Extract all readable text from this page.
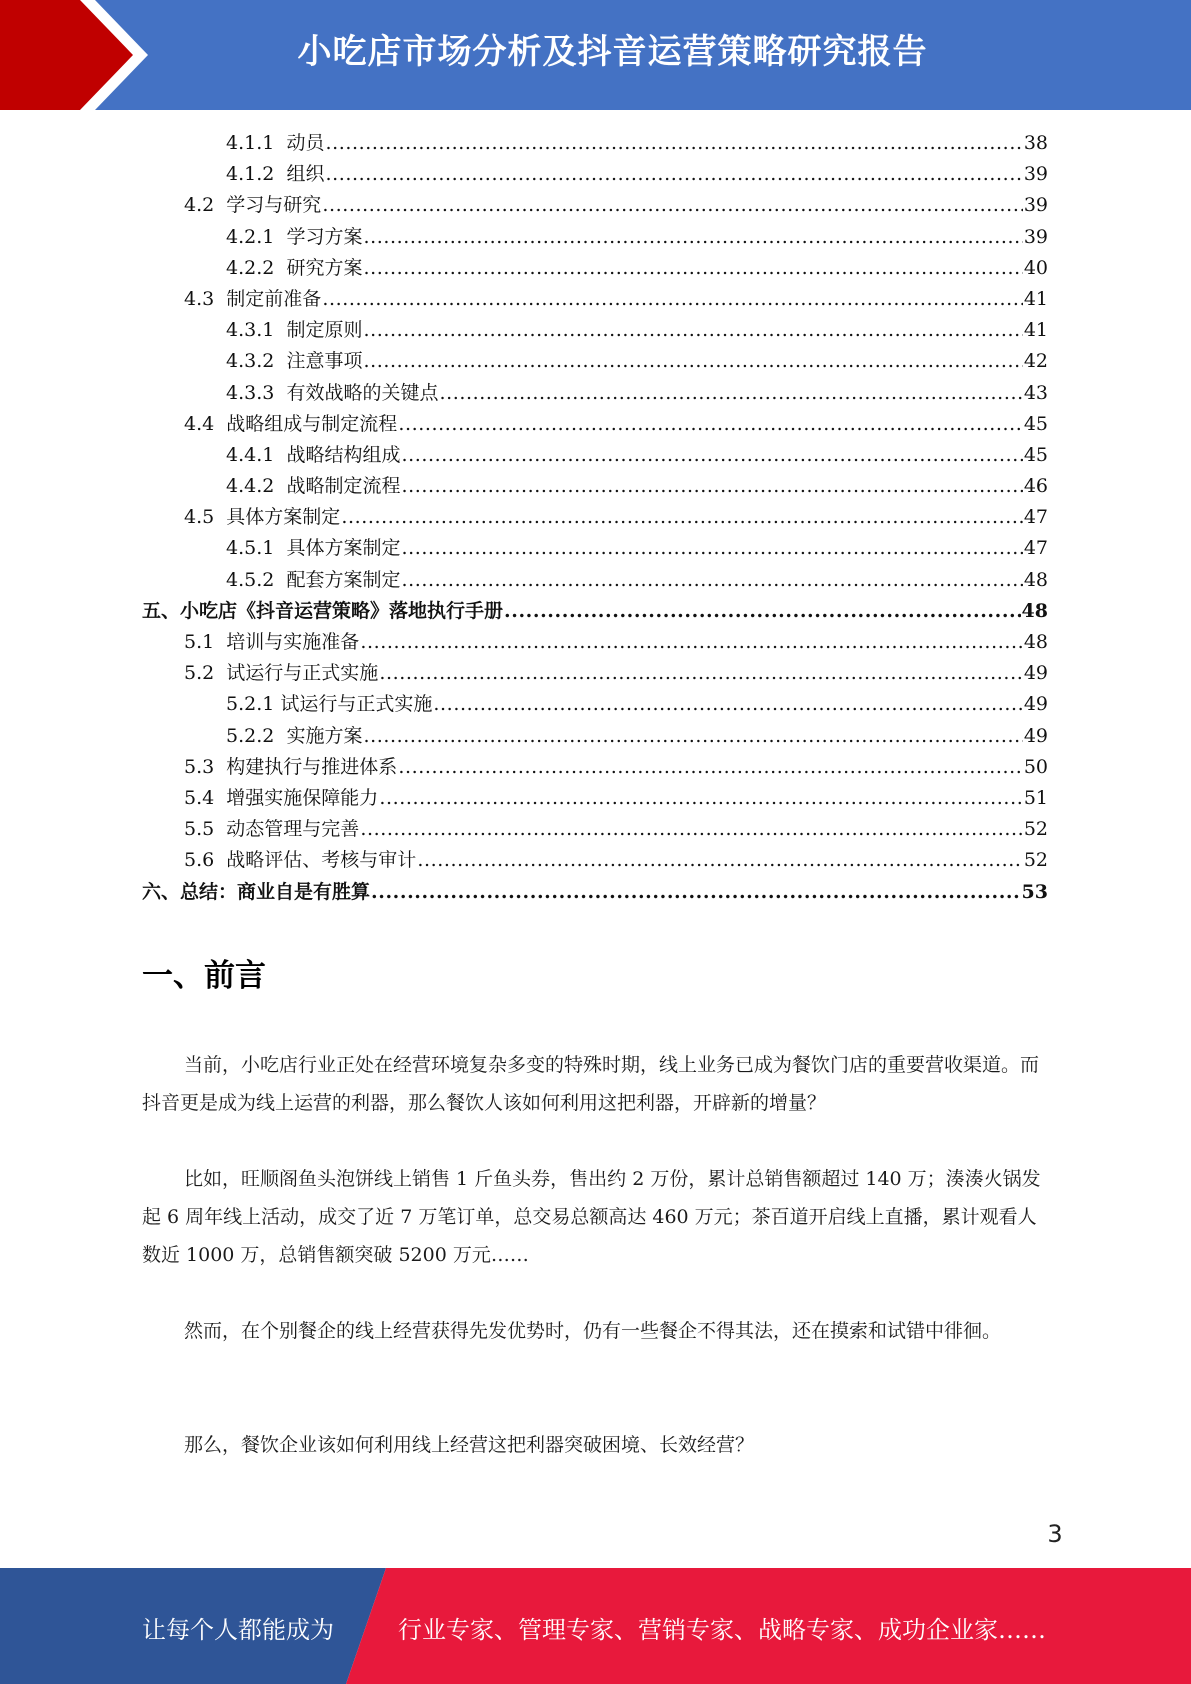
小吃店市场分析及抖音运营策略研究报告
4.1.1 动员 .....	38
4.1.2 组织 .....	39
4.2 学习与研究 .....	39
4.2.1 学习方案 .....	39
4.2.2 研究方案 .....	40
4.3 制定前准备 .....	41
4.3.1 制定原则 .....	41
4.3.2 注意事项 .....	42
4.3.3 有效战略的关键点 .....	43
4.4 战略组成与制定流程 .....	45
4.4.1 战略结构组成 .....	45
4.4.2 战略制定流程 .....	46
4.5 具体方案制定 .....	47
4.5.1 具体方案制定 .....	47
4.5.2 配套方案制定 .....	48
五、小吃店《抖音运营策略》落地执行手册 .....	48
5.1 培训与实施准备 .....	48
5.2 试运行与正式实施 .....	49
5.2.1 试运行与正式实施 .....	49
5.2.2 实施方案 .....	49
5.3 构建执行与推进体系 .....	50
5.4 增强实施保障能力 .....	51
5.5 动态管理与完善 .....	52
5.6 战略评估、考核与审计 .....	52
六、总结：商业自是有胜算 .....	53
一、前言

当前，小吃店行业正处在经营环境复杂多变的特殊时期，线上业务已成为餐饮门店的重要营收渠道。而抖音更是成为线上运营的利器，那么餐饮人该如何利用这把利器，开辟新的增量？

比如，旺顺阁鱼头泡饼线上销售 1 斤鱼头券，售出约 2 万份，累计总销售额超过 140 万；湊湊火锅发起 6 周年线上活动，成交了近 7 万笔订单，总交易总额高达 460 万元；茶百道开启线上直播，累计观看人数近 1000 万，总销售额突破 5200 万元……

然而，在个别餐企的线上经营获得先发优势时，仍有一些餐企不得其法，还在摸索和试错中徘徊。

那么，餐饮企业该如何利用线上经营这把利器突破困境、长效经营？

3
让每个人都能成为	行业专家、管理专家、营销专家、战略专家、成功企业家……
